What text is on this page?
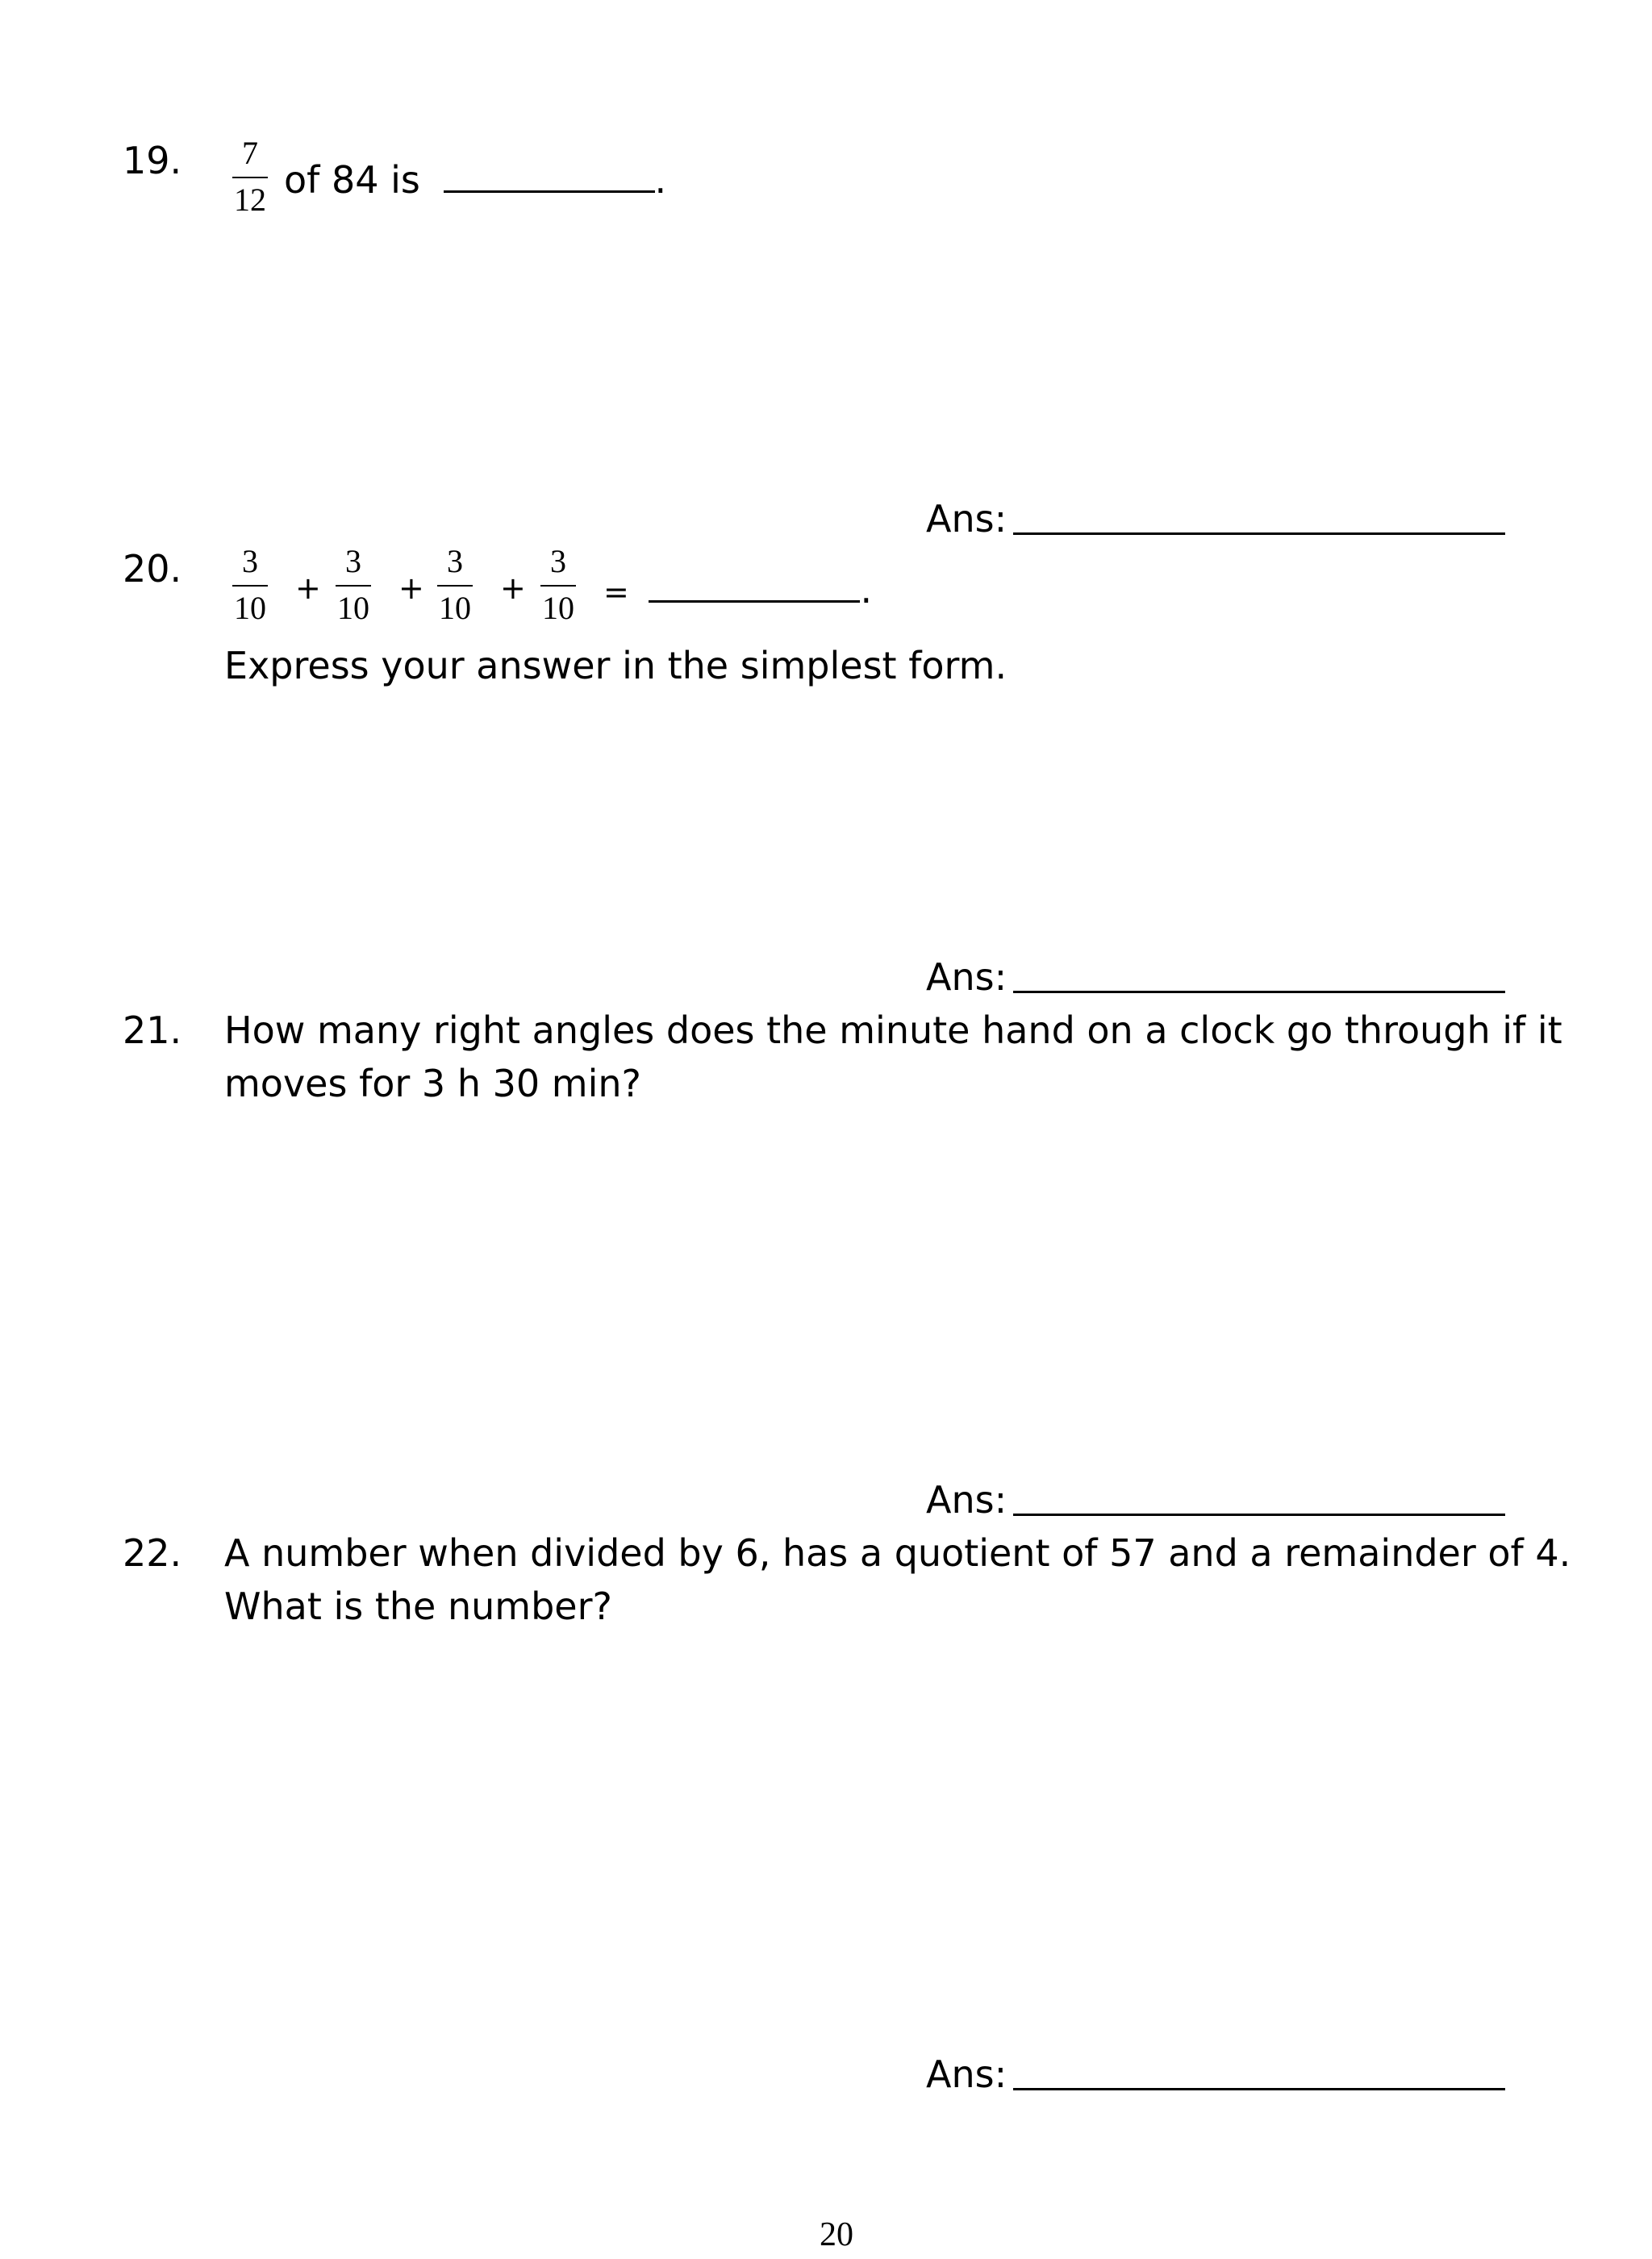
19.	7
12 of 84 is	.
Ans:
20.	3
10
+
3
10
+
3
10
+
3
10 =	.
Express your answer in the simplest form.
Ans:
21. How many right angles does the minute hand on a clock go through if it
moves for 3 h 30 min?
Ans:
22. A number when divided by 6, has a quotient of 57 and a remainder of 4.
What is the number?
Ans:
20
